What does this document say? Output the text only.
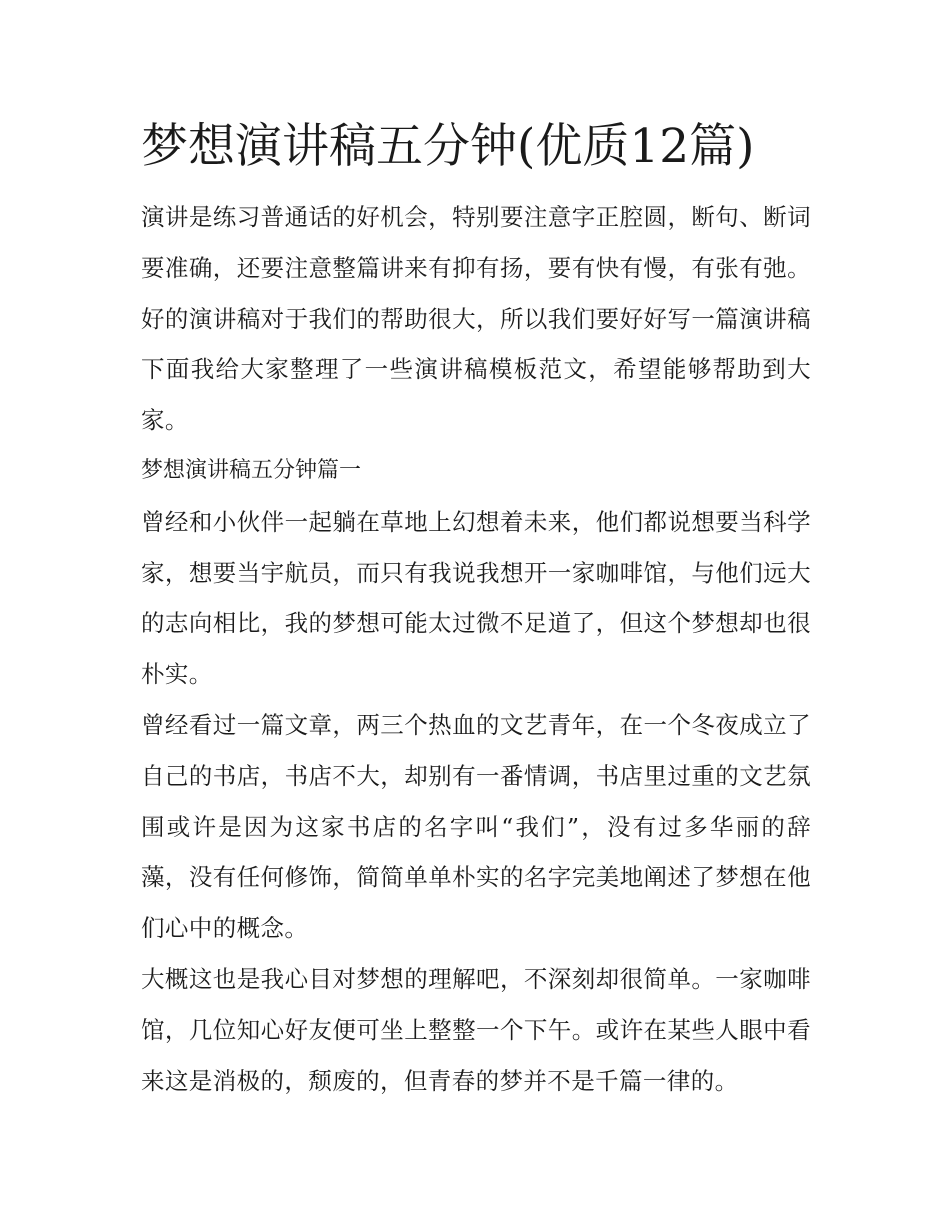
梦想演讲稿五分钟(优质12篇)

演讲是练习普通话的好机会，特别要注意字正腔圆，断句、断词要准确，还要注意整篇讲来有抑有扬，要有快有慢，有张有弛。好的演讲稿对于我们的帮助很大，所以我们要好好写一篇演讲稿下面我给大家整理了一些演讲稿模板范文，希望能够帮助到大家。

梦想演讲稿五分钟篇一

曾经和小伙伴一起躺在草地上幻想着未来，他们都说想要当科学家，想要当宇航员，而只有我说我想开一家咖啡馆，与他们远大的志向相比，我的梦想可能太过微不足道了，但这个梦想却也很朴实。

曾经看过一篇文章，两三个热血的文艺青年，在一个冬夜成立了自己的书店，书店不大，却别有一番情调，书店里过重的文艺氛围或许是因为这家书店的名字叫“我们”，没有过多华丽的辞藻，没有任何修饰，简简单单朴实的名字完美地阐述了梦想在他们心中的概念。

大概这也是我心目对梦想的理解吧，不深刻却很简单。一家咖啡馆，几位知心好友便可坐上整整一个下午。或许在某些人眼中看来这是消极的，颓废的，但青春的梦并不是千篇一律的。
